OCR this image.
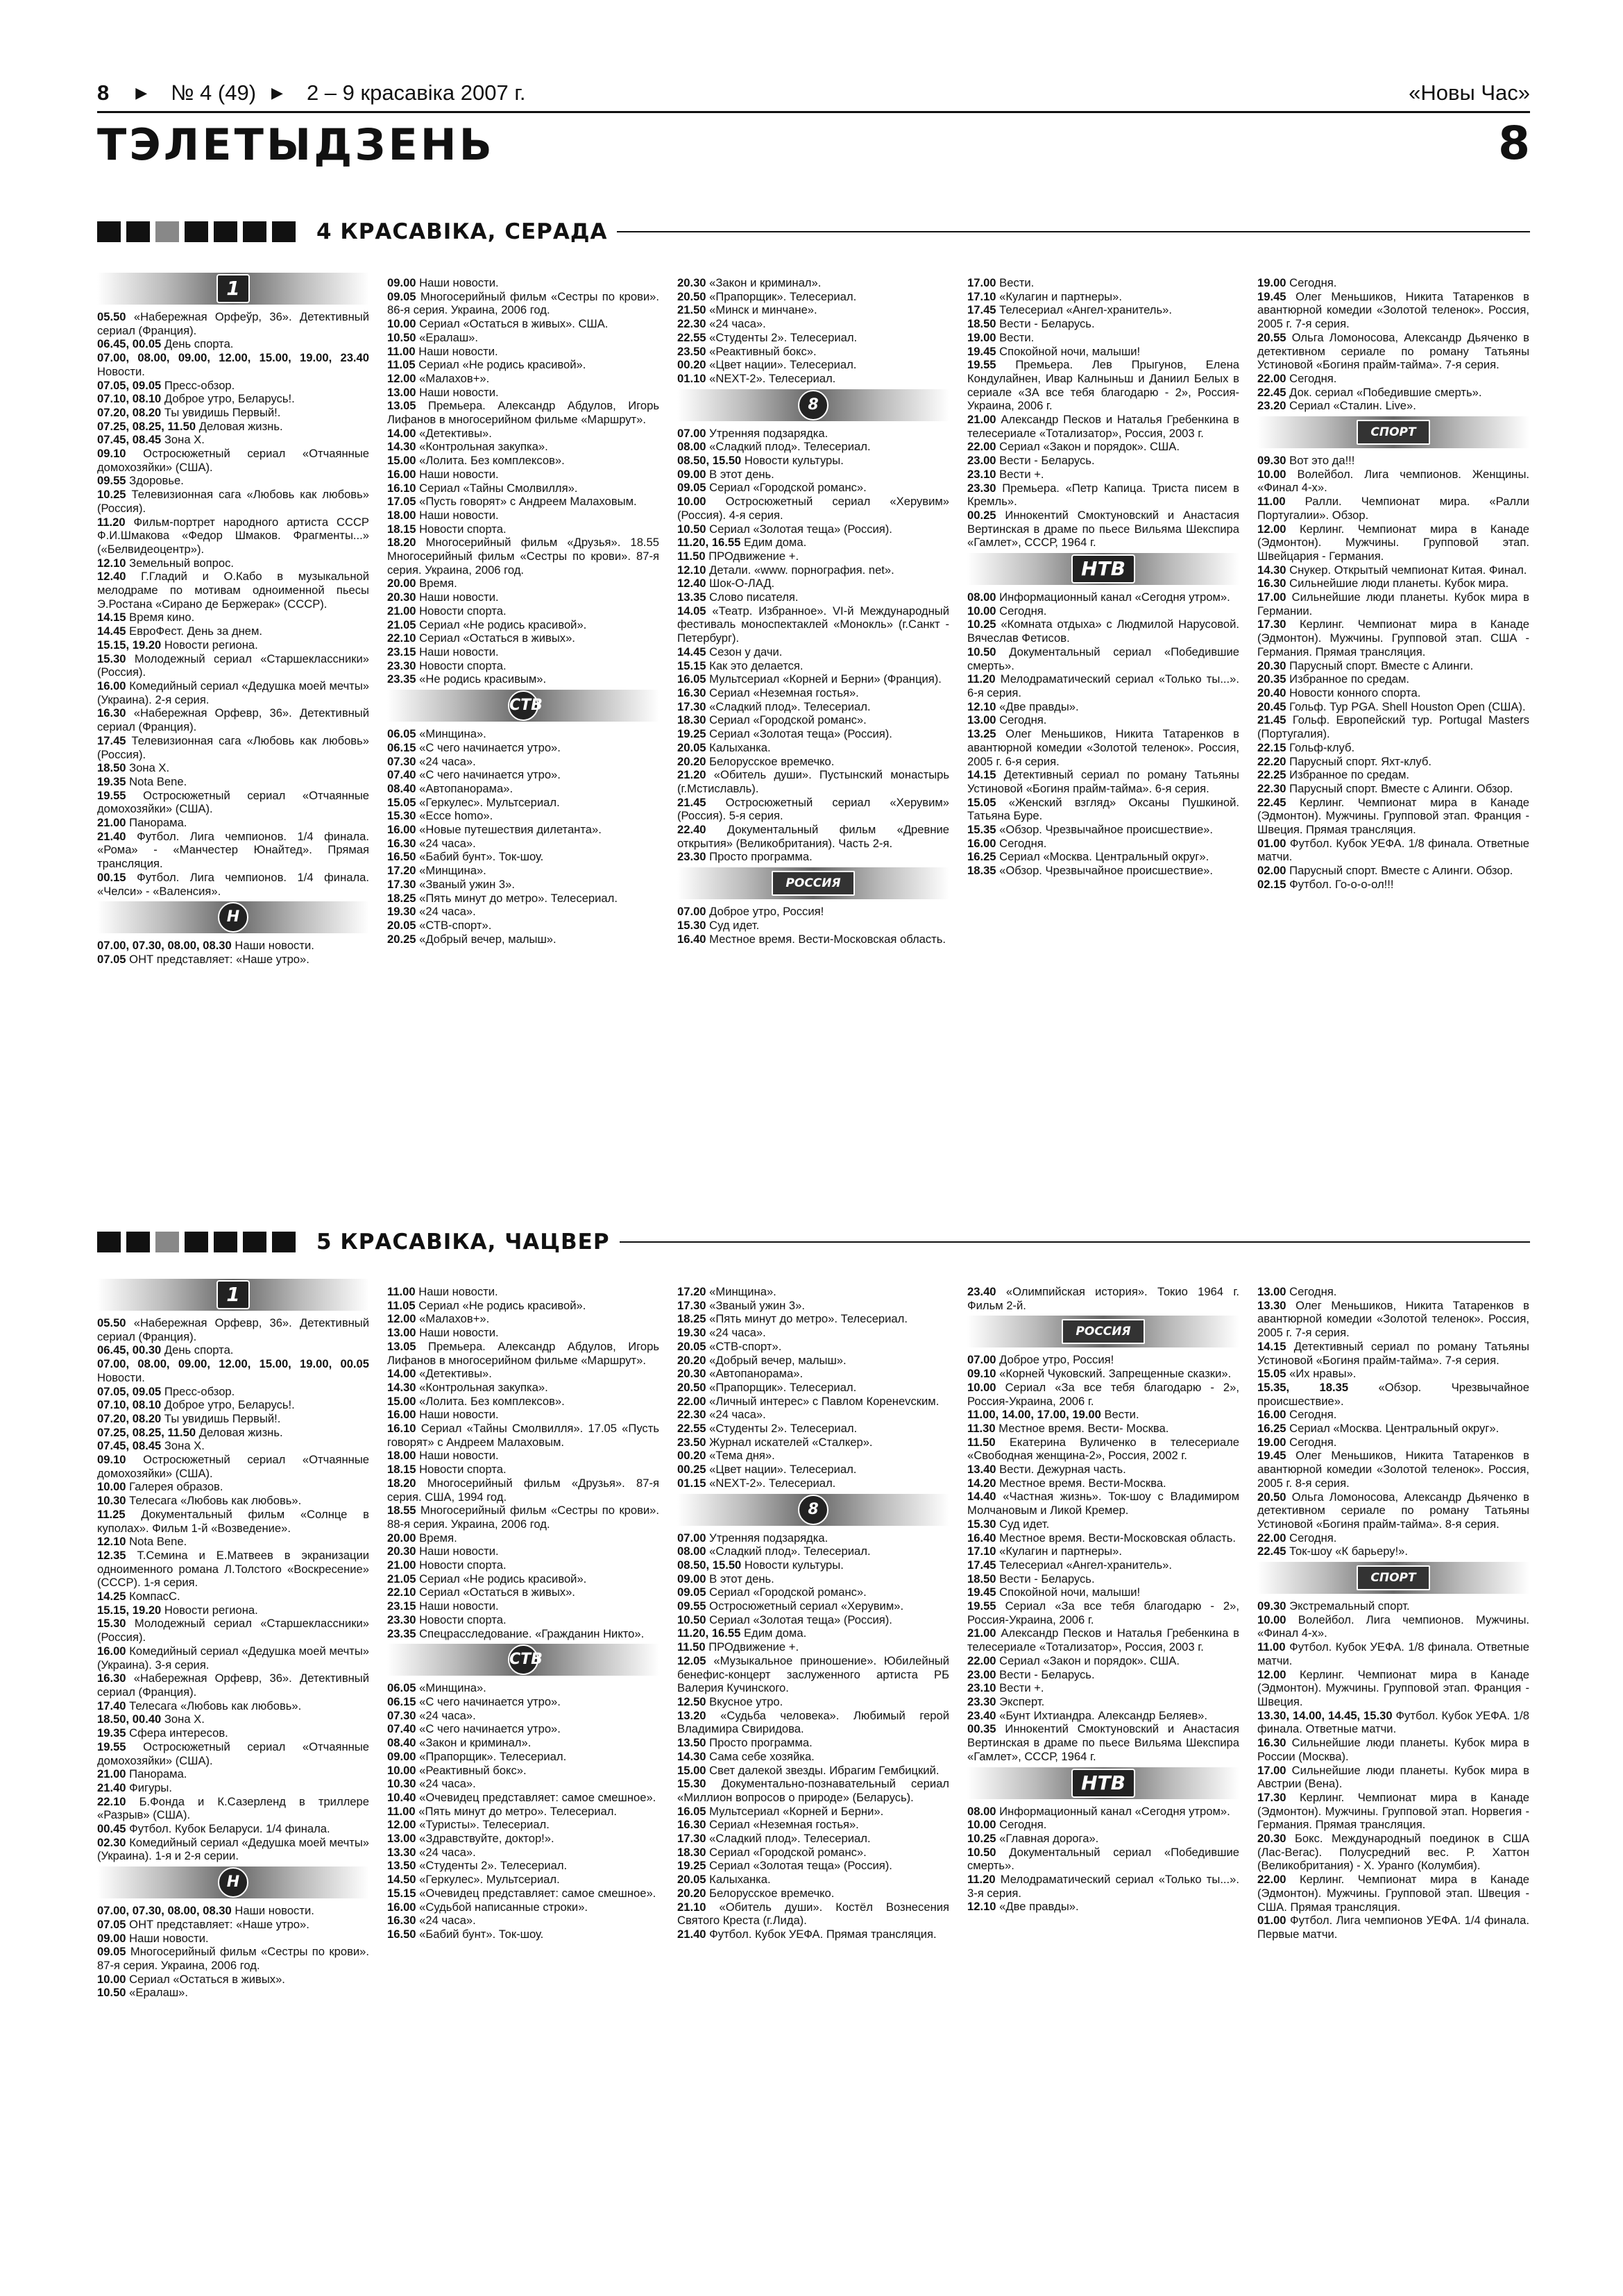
8 ▶ № 4 (49) ▶ 2 – 9 красавіка 2007 г.	«Новы Час»
ТЭЛЕТЫДЗЕНЬ	8
4 КРАСАВІКА, СЕРАДА
1

05.50 «Набережная Орфеўр, 36». Детективный сериал (Франция).

06.45, 00.05 День спорта.

07.00, 08.00, 09.00, 12.00, 15.00, 19.00, 23.40 Новости.

07.05, 09.05 Пресс-обзор.

07.10, 08.10 Доброе утро, Беларусь!.

07.20, 08.20 Ты увидишь Первый!.

07.25, 08.25, 11.50 Деловая жизнь.

07.45, 08.45 Зона Х.

09.10 Остросюжетный сериал «Отчаянные домохозяйки» (США).

09.55 Здоровье.

10.25 Телевизионная сага «Любовь как любовь» (Россия).

11.20 Фильм-портрет народного артиста СССР Ф.И.Шмакова «Федор Шмаков. Фрагменты...» («Белвидеоцентр»).

12.10 Земельный вопрос.

12.40 Г.Гладий и О.Кабо в музыкальной мелодраме по мотивам одноименной пьесы Э.Ростана «Сирано де Бержерак» (СССР).

14.15 Время кино.

14.45 ЕвроФест. День за днем.

15.15, 19.20 Новости региона.

15.30 Молодежный сериал «Старшеклассники» (Россия).

16.00 Комедийный сериал «Дедушка моей мечты» (Украина). 2-я серия.

16.30 «Набережная Орфевр, 36». Детективный сериал (Франция).

17.45 Телевизионная сага «Любовь как любовь» (Россия).

18.50 Зона Х.

19.35 Nota Bene.

19.55 Остросюжетный сериал «Отчаянные домохозяйки» (США).

21.00 Панорама.

21.40 Футбол. Лига чемпионов. 1/4 финала. «Рома» - «Манчестер Юнайтед». Прямая трансляция.

00.15 Футбол. Лига чемпионов. 1/4 финала. «Челси» - «Валенсия».

Н

07.00, 07.30, 08.00, 08.30 Наши новости.

07.05 ОНТ представляет: «Наше утро».

09.00 Наши новости.

09.05 Многосерийный фильм «Сестры по крови». 86-я серия. Украина, 2006 год.

10.00 Сериал «Остаться в живых». США.

10.50 «Ералаш».

11.00 Наши новости.

11.05 Сериал «Не родись красивой».

12.00 «Малахов+».

13.00 Наши новости.

13.05 Премьера. Александр Абдулов, Игорь Лифанов в многосерийном фильме «Маршрут».

14.00 «Детективы».

14.30 «Контрольная закупка».

15.00 «Лолита. Без комплексов».

16.00 Наши новости.

16.10 Сериал «Тайны Смолвилля».

17.05 «Пусть говорят» с Андреем Малаховым.

18.00 Наши новости.

18.15 Новости спорта.

18.20 Многосерийный фильм «Друзья». 18.55 Многосерийный фильм «Сестры по крови». 87-я серия. Украина, 2006 год.

20.00 Время.

20.30 Наши новости.

21.00 Новости спорта.

21.05 Сериал «Не родись красивой».

22.10 Сериал «Остаться в живых».

23.15 Наши новости.

23.30 Новости спорта.

23.35 «Не родись красивым».

СТВ

06.05 «Минщина».

06.15 «С чего начинается утро».

07.30 «24 часа».

07.40 «С чего начинается утро».

08.40 «Автопанорама».

15.05 «Геркулес». Мультсериал.

15.30 «Ecce homo».

16.00 «Новые путешествия дилетанта».

16.30 «24 часа».

16.50 «Бабий бунт». Ток-шоу.

17.20 «Минщина».

17.30 «Званый ужин 3».

18.25 «Пять минут до метро». Телесериал.

19.30 «24 часа».

20.05 «СТВ-спорт».

20.25 «Добрый вечер, малыш».

20.30 «Закон и криминал».

20.50 «Прапорщик». Телесериал.

21.50 «Минск и минчане».

22.30 «24 часа».

22.55 «Студенты 2». Телесериал.

23.50 «Реактивный бокс».

00.20 «Цвет нации». Телесериал.

01.10 «NEXT-2». Телесериал.

8

07.00 Утренняя подзарядка.

08.00 «Сладкий плод». Телесериал.

08.50, 15.50 Новости культуры.

09.00 В этот день.

09.05 Сериал «Городской романс».

10.00 Остросюжетный сериал «Херувим» (Россия). 4-я серия.

10.50 Сериал «Золотая теща» (Россия).

11.20, 16.55 Едим дома.

11.50 ПРОдвижение +.

12.10 Детали. «www. порнография. net».

12.40 Шок-О-ЛАД.

13.35 Слово писателя.

14.05 «Театр. Избранное». VI-й Международный фестиваль моноспектаклей «Монокль» (г.Санкт - Петербург).

14.45 Сезон у дачи.

15.15 Как это делается.

16.05 Мультсериал «Корней и Берни» (Франция).

16.30 Сериал «Неземная гостья».

17.30 «Сладкий плод». Телесериал.

18.30 Сериал «Городской романс».

19.25 Сериал «Золотая теща» (Россия).

20.05 Калыханка.

20.20 Белорусское времечко.

21.20 «Обитель души». Пустынский монастырь (г.Мстиславль).

21.45 Остросюжетный сериал «Херувим» (Россия). 5-я серия.

22.40 Документальный фильм «Древние открытия» (Великобритания). Часть 2-я.

23.30 Просто программа.

РОССИЯ

07.00 Доброе утро, Россия!

15.30 Суд идет.

16.40 Местное время. Вести-Московская область.

17.00 Вести.

17.10 «Кулагин и партнеры».

17.45 Телесериал «Ангел-хранитель».

18.50 Вести - Беларусь.

19.00 Вести.

19.45 Спокойной ночи, малыши!

19.55 Премьера. Лев Прыгунов, Елена Кондулайнен, Ивар Калныньш и Даниил Белых в сериале «ЗА все тебя благодарю - 2», Россия-Украина, 2006 г.

21.00 Александр Песков и Наталья Гребенкина в телесериале «Тотализатор», Россия, 2003 г.

22.00 Сериал «Закон и порядок». США.

23.00 Вести - Беларусь.

23.10 Вести +.

23.30 Премьера. «Петр Капица. Триста писем в Кремль».

00.25 Иннокентий Смоктуновский и Анастасия Вертинская в драме по пьесе Вильяма Шекспира «Гамлет», СССР, 1964 г.

НТВ

08.00 Информационный канал «Сегодня утром».

10.00 Сегодня.

10.25 «Комната отдыха» с Людмилой Нарусовой. Вячеслав Фетисов.

10.50 Документальный сериал «Победившие смерть».

11.20 Мелодраматический сериал «Только ты...». 6-я серия.

12.10 «Две правды».

13.00 Сегодня.

13.25 Олег Меньшиков, Никита Татаренков в авантюрной комедии «Золотой теленок». Россия, 2005 г. 6-я серия.

14.15 Детективный сериал по роману Татьяны Устиновой «Богиня прайм-тайма». 6-я серия.

15.05 «Женский взгляд» Оксаны Пушкиной. Татьяна Буре.

15.35 «Обзор. Чрезвычайное происшествие».

16.00 Сегодня.

16.25 Сериал «Москва. Центральный округ».

18.35 «Обзор. Чрезвычайное происшествие».

19.00 Сегодня.

19.45 Олег Меньшиков, Никита Татаренков в авантюрной комедии «Золотой теленок». Россия, 2005 г. 7-я серия.

20.55 Ольга Ломоносова, Александр Дьяченко в детективном сериале по роману Татьяны Устиновой «Богиня прайм-тайма». 7-я серия.

22.00 Сегодня.

22.45 Док. сериал «Победившие смерть».

23.20 Сериал «Сталин. Live».

СПОРТ

09.30 Вот это да!!!

10.00 Волейбол. Лига чемпионов. Женщины. «Финал 4-х».

11.00 Ралли. Чемпионат мира. «Ралли Португалии». Обзор.

12.00 Керлинг. Чемпионат мира в Канаде (Эдмонтон). Мужчины. Групповой этап. Швейцария - Германия.

14.30 Снукер. Открытый чемпионат Китая. Финал.

16.30 Сильнейшие люди планеты. Кубок мира.

17.00 Сильнейшие люди планеты. Кубок мира в Германии.

17.30 Керлинг. Чемпионат мира в Канаде (Эдмонтон). Мужчины. Групповой этап. США - Германия. Прямая трансляция.

20.30 Парусный спорт. Вместе с Алинги.

20.35 Избранное по средам.

20.40 Новости конного спорта.

20.45 Гольф. Тур PGA. Shell Houston Open (США).

21.45 Гольф. Европейский тур. Portugal Masters (Португалия).

22.15 Гольф-клуб.

22.20 Парусный спорт. Яхт-клуб.

22.25 Избранное по средам.

22.30 Парусный спорт. Вместе с Алинги. Обзор.

22.45 Керлинг. Чемпионат мира в Канаде (Эдмонтон). Мужчины. Групповой этап. Франция - Швеция. Прямая трансляция.

01.00 Футбол. Кубок УЕФА. 1/8 финала. Ответные матчи.

02.00 Парусный спорт. Вместе с Алинги. Обзор.

02.15 Футбол. Го-о-о-ол!!!

5 КРАСАВІКА, ЧАЦВЕР
1

05.50 «Набережная Орфевр, 36». Детективный сериал (Франция).

06.45, 00.30 День спорта.

07.00, 08.00, 09.00, 12.00, 15.00, 19.00, 00.05 Новости.

07.05, 09.05 Пресс-обзор.

07.10, 08.10 Доброе утро, Беларусь!.

07.20, 08.20 Ты увидишь Первый!.

07.25, 08.25, 11.50 Деловая жизнь.

07.45, 08.45 Зона Х.

09.10 Остросюжетный сериал «Отчаянные домохозяйки» (США).

10.00 Галерея образов.

10.30 Телесага «Любовь как любовь».

11.25 Документальный фильм «Солнце в куполах». Фильм 1-й «Возведение».

12.10 Nota Bene.

12.35 Т.Семина и Е.Матвеев в экранизации одноименного романа Л.Толстого «Воскресение» (СССР). 1-я серия.

14.25 КомпасС.

15.15, 19.20 Новости региона.

15.30 Молодежный сериал «Старшеклассники» (Россия).

16.00 Комедийный сериал «Дедушка моей мечты» (Украина). 3-я серия.

16.30 «Набережная Орфевр, 36». Детективный сериал (Франция).

17.40 Телесага «Любовь как любовь».

18.50, 00.40 Зона Х.

19.35 Сфера интересов.

19.55 Остросюжетный сериал «Отчаянные домохозяйки» (США).

21.00 Панорама.

21.40 Фигуры.

22.10 Б.Фонда и К.Сазерленд в триллере «Разрыв» (США).

00.45 Футбол. Кубок Беларуси. 1/4 финала.

02.30 Комедийный сериал «Дедушка моей мечты» (Украина). 1-я и 2-я серии.

Н

07.00, 07.30, 08.00, 08.30 Наши новости.

07.05 ОНТ представляет: «Наше утро».

09.00 Наши новости.

09.05 Многосерийный фильм «Сестры по крови». 87-я серия. Украина, 2006 год.

10.00 Сериал «Остаться в живых».

10.50 «Ералаш».

11.00 Наши новости.

11.05 Сериал «Не родись красивой».

12.00 «Малахов+».

13.00 Наши новости.

13.05 Премьера. Александр Абдулов, Игорь Лифанов в многосерийном фильме «Маршрут».

14.00 «Детективы».

14.30 «Контрольная закупка».

15.00 «Лолита. Без комплексов».

16.00 Наши новости.

16.10 Сериал «Тайны Смолвилля». 17.05 «Пусть говорят» с Андреем Малаховым.

18.00 Наши новости.

18.15 Новости спорта.

18.20 Многосерийный фильм «Друзья». 87-я серия. США, 1994 год.

18.55 Многосерийный фильм «Сестры по крови». 88-я серия. Украина, 2006 год.

20.00 Время.

20.30 Наши новости.

21.00 Новости спорта.

21.05 Сериал «Не родись красивой».

22.10 Сериал «Остаться в живых».

23.15 Наши новости.

23.30 Новости спорта.

23.35 Спецрасследование. «Гражданин Никто».

СТВ

06.05 «Минщина».

06.15 «С чего начинается утро».

07.30 «24 часа».

07.40 «С чего начинается утро».

08.40 «Закон и криминал».

09.00 «Прапорщик». Телесериал.

10.00 «Реактивный бокс».

10.30 «24 часа».

10.40 «Очевидец представляет: самое смешное».

11.00 «Пять минут до метро». Телесериал.

12.00 «Туристы». Телесериал.

13.00 «Здравствуйте, доктор!».

13.30 «24 часа».

13.50 «Студенты 2». Телесериал.

14.50 «Геркулес». Мультсериал.

15.15 «Очевидец представляет: самое смешное».

16.00 «Судьбой написанные строки».

16.30 «24 часа».

16.50 «Бабий бунт». Ток-шоу.

17.20 «Минщина».

17.30 «Званый ужин 3».

18.25 «Пять минут до метро». Телесериал.

19.30 «24 часа».

20.05 «СТВ-спорт».

20.20 «Добрый вечер, малыш».

20.30 «Автопанорама».

20.50 «Прапорщик». Телесериал.

22.00 «Личный интерес» с Павлом Коренevским.

22.30 «24 часа».

22.55 «Студенты 2». Телесериал.

23.50 Журнал искателей «Сталкер».

00.20 «Тема дня».

00.25 «Цвет нации». Телесериал.

01.15 «NEXT-2». Телесериал.

8

07.00 Утренняя подзарядка.

08.00 «Сладкий плод». Телесериал.

08.50, 15.50 Новости культуры.

09.00 В этот день.

09.05 Сериал «Городской романс».

09.55 Остросюжетный сериал «Херувим».

10.50 Сериал «Золотая теща» (Россия).

11.20, 16.55 Едим дома.

11.50 ПРОдвижение +.

12.05 «Музыкальное приношение». Юбилейный бенефис-концерт заслуженного артиста РБ Валерия Кучинского.

12.50 Вкусное утро.

13.20 «Судьба человека». Любимый герой Владимира Свиридова.

13.50 Просто программа.

14.30 Сама себе хозяйка.

15.00 Свет далекой звезды. Ибрагим Гембицкий.

15.30 Документально-познавательный сериал «Миллион вопросов о природе» (Беларусь).

16.05 Мультсериал «Корней и Берни».

16.30 Сериал «Неземная гостья».

17.30 «Сладкий плод». Телесериал.

18.30 Сериал «Городской романс».

19.25 Сериал «Золотая теща» (Россия).

20.05 Калыханка.

20.20 Белорусское времечко.

21.10 «Обитель души». Костёл Вознесения Святого Креста (г.Лида).

21.40 Футбол. Кубок УЕФА. Прямая трансляция.

23.40 «Олимпийская история». Токио 1964 г. Фильм 2-й.

РОССИЯ

07.00 Доброе утро, Россия!

09.10 «Корней Чуковский. Запрещенные сказки».

10.00 Сериал «За все тебя благодарю - 2», Россия-Украина, 2006 г.

11.00, 14.00, 17.00, 19.00 Вести.

11.30 Местное время. Вести- Москва.

11.50 Екатерина Вуличенко в телесериале «Свободная женщина-2», Россия, 2002 г.

13.40 Вести. Дежурная часть.

14.20 Местное время. Вести-Москва.

14.40 «Частная жизнь». Ток-шоу с Владимиром Молчановым и Ликой Кремер.

15.30 Суд идет.

16.40 Местное время. Вести-Московская область.

17.10 «Кулагин и партнеры».

17.45 Телесериал «Ангел-хранитель».

18.50 Вести - Беларусь.

19.45 Спокойной ночи, малыши!

19.55 Сериал «За все тебя благодарю - 2», Россия-Украина, 2006 г.

21.00 Александр Песков и Наталья Гребенкина в телесериале «Тотализатор», Россия, 2003 г.

22.00 Сериал «Закон и порядок». США.

23.00 Вести - Беларусь.

23.10 Вести +.

23.30 Эксперт.

23.40 «Бунт Ихтиандра. Александр Беляев».

00.35 Иннокентий Смоктуновский и Анастасия Вертинская в драме по пьесе Вильяма Шекспира «Гамлет», СССР, 1964 г.

НТВ

08.00 Информационный канал «Сегодня утром».

10.00 Сегодня.

10.25 «Главная дорога».

10.50 Документальный сериал «Победившие смерть».

11.20 Мелодраматический сериал «Только ты...». 3-я серия.

12.10 «Две правды».

13.00 Сегодня.

13.30 Олег Меньшиков, Никита Татаренков в авантюрной комедии «Золотой теленок». Россия, 2005 г. 7-я серия.

14.15 Детективный сериал по роману Татьяны Устиновой «Богиня прайм-тайма». 7-я серия.

15.05 «Их нравы».

15.35, 18.35	«Обзор. Чрезвычайное происшествие».

16.00 Сегодня.

16.25 Сериал «Москва. Центральный округ».

19.00 Сегодня.

19.45 Олег Меньшиков, Никита Татаренков в авантюрной комедии «Золотой теленок». Россия, 2005 г. 8-я серия.

20.50 Ольга Ломоносова, Александр Дьяченко в детективном сериале по роману Татьяны Устиновой «Богиня прайм-тайма». 8-я серия.

22.00 Сегодня.

22.45 Ток-шоу «К барьеру!».

СПОРТ

09.30 Экстремальный спорт.

10.00 Волейбол. Лига чемпионов. Мужчины. «Финал 4-х».

11.00 Футбол. Кубок УЕФА. 1/8 финала. Ответные матчи.

12.00 Керлинг. Чемпионат мира в Канаде (Эдмонтон). Мужчины. Групповой этап. Франция - Швеция.

13.30, 14.00, 14.45, 15.30 Футбол. Кубок УЕФА. 1/8 финала. Ответные матчи.

16.30 Сильнейшие люди планеты. Кубок мира в России (Москва).

17.00 Сильнейшие люди планеты. Кубок мира в Австрии (Вена).

17.30 Керлинг. Чемпионат мира в Канаде (Эдмонтон). Мужчины. Групповой этап. Норвегия - Германия. Прямая трансляция.

20.30 Бокс. Международный поединок в США (Лас-Вегас). Полусредний вес. Р. Хаттон (Великобритания) - Х. Уранго (Колумбия).

22.00 Керлинг. Чемпионат мира в Канаде (Эдмонтон). Мужчины. Групповой этап. Швеция - США. Прямая трансляция.

01.00 Футбол. Лига чемпионов УЕФА. 1/4 финала. Первые матчи.
